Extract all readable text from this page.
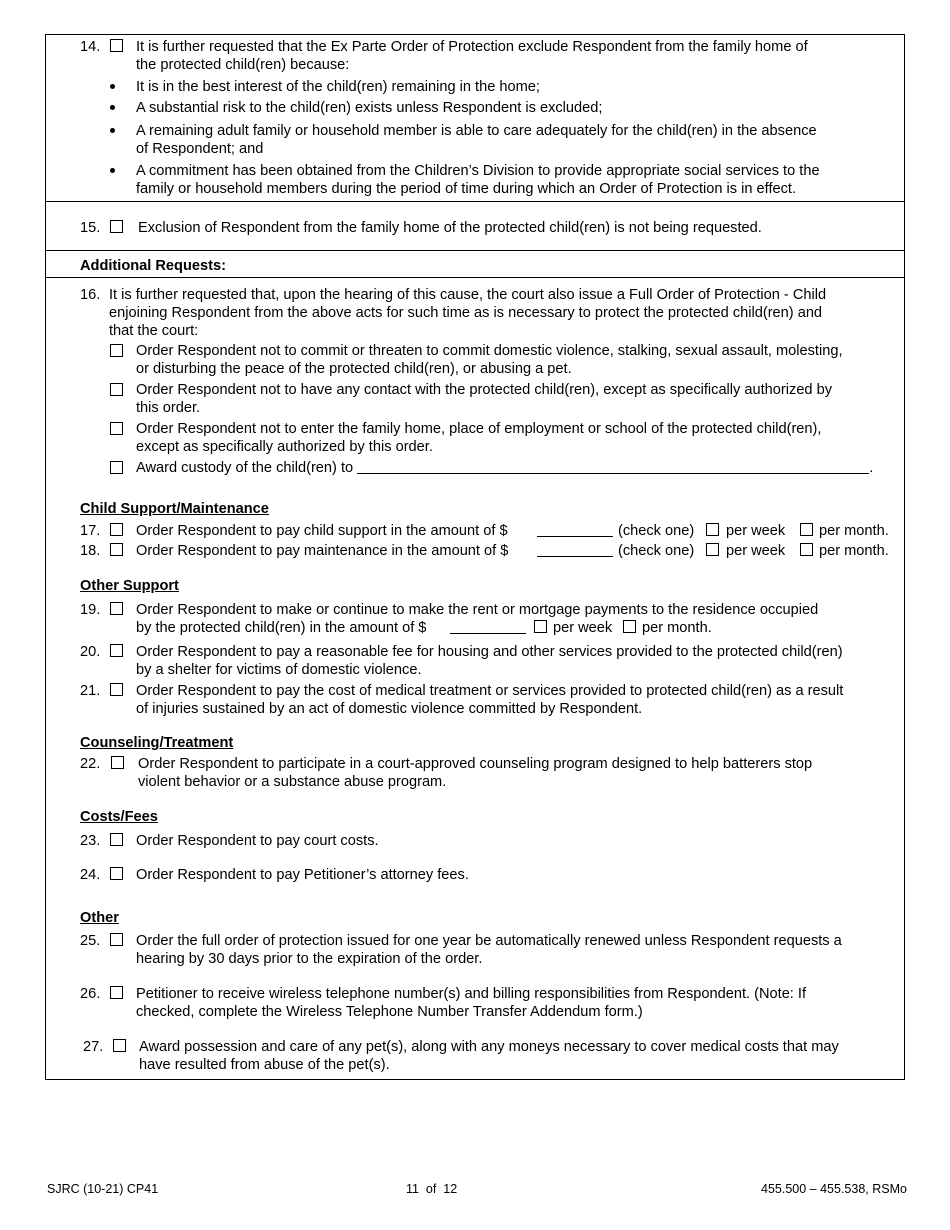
14. It is further requested that the Ex Parte Order of Protection exclude Respondent from the family home of
the protected child(ren) because:
It is in the best interest of the child(ren) remaining in the home;
A substantial risk to the child(ren) exists unless Respondent is excluded;
A remaining adult family or household member is able to care adequately for the child(ren) in the absence
of Respondent; and
A commitment has been obtained from the Children’s Division to provide appropriate social services to the
family or household members during the period of time during which an Order of Protection is in effect.
15.	Exclusion of Respondent from the family home of the protected child(ren) is not being requested.
Additional Requests:
16. It is further requested that, upon the hearing of this cause, the court also issue a Full Order of Protection - Child
enjoining Respondent from the above acts for such time as is necessary to protect the protected child(ren) and
that the court:
Order Respondent not to commit or threaten to commit domestic violence, stalking, sexual assault, molesting,
or disturbing the peace of the protected child(ren), or abusing a pet.
Order Respondent not to have any contact with the protected child(ren), except as specifically authorized by
this order.
Order Respondent not to enter the family home, place of employment or school of the protected child(ren),
except as specifically authorized by this order.
Award custody of the child(ren) to	.
Child Support/Maintenance
17. Order Respondent to pay child support in the amount of $	(check one) per week per month.
18. Order Respondent to pay maintenance in the amount of $	(check one) per week per month.
Other Support
19. Order Respondent to make or continue to make the rent or mortgage payments to the residence occupied
by the protected child(ren) in the amount of $	per week per month.
20. Order Respondent to pay a reasonable fee for housing and other services provided to the protected child(ren)
by a shelter for victims of domestic violence.
21. Order Respondent to pay the cost of medical treatment or services provided to protected child(ren) as a result
of injuries sustained by an act of domestic violence committed by Respondent.
Counseling/Treatment
22.	Order Respondent to participate in a court-approved counseling program designed to help batterers stop
violent behavior or a substance abuse program.
Costs/Fees
23. Order Respondent to pay court costs.
24. Order Respondent to pay Petitioner’s attorney fees.
Other
25. Order the full order of protection issued for one year be automatically renewed unless Respondent requests a
hearing by 30 days prior to the expiration of the order.
26. Petitioner to receive wireless telephone number(s) and billing responsibilities from Respondent. (Note: If
checked, complete the Wireless Telephone Number Transfer Addendum form.)
27. Award possession and care of any pet(s), along with any moneys necessary to cover medical costs that may
have resulted from abuse of the pet(s).
SJRC (10-21) CP41	11  of  12	455.500 – 455.538, RSMo
